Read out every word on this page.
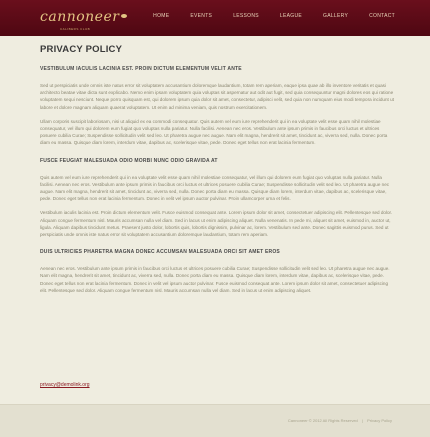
cannoneer
CALIBERS CLUB
HOME	EVENTS	LESSONS	LEAGUE	GALLERY	CONTACT
PRIVACY POLICY
VESTIBULUM IACULIS LACINIA EST. PROIN DICTUM ELEMENTUM VELIT ANTE

Sed ut perspiciatis unde omnis iste natus error sit voluptatem accusantium doloremque laudantium, totam rem aperiam, eaque ipsa quae ab illo inventore veritatis et quasi architecto beatae vitae dicta sunt explicabo. Nemo enim ipsam voluptatem quia voluptas sit aspernatur aut odit aut fugit, sed quia consequuntur magni dolores eos qui ratione voluptatem sequi nesciunt. Neque porro quisquam est, qui dolorem ipsum quia dolor sit amet, consectetur, adipisci velit, sed quia non numquam eius modi tempora incidunt ut labore et dolore magnam aliquam quaerat voluptatem. Ut enim ad minima veniam, quis nostrum exercitationem.

Ullam corporis suscipit laboriosam, nisi ut aliquid ex ea commodi consequatur. Quis autem vel eum iure reprehenderit qui in ea voluptate velit esse quam nihil molestiae consequatur, vel illum qui dolorem eum fugiat quo voluptas nulla pariatur. Nulla facilisi. Aenean nec eros. Vestibulum ante ipsum primis in faucibus orci luctus et ultrices posuere cubilia Curae; Suspendisse sollicitudin velit sed leo. Ut pharetra augue nec augue. Nam elit magna, hendrerit sit amet, tincidunt ac, viverra sed, nulla. Donec porta diam eu massa. Quisque diam lorem, interdum vitae, dapibus ac, scelerisque vitae, pede. Donec eget tellus non erat lacinia fermentum.

FUSCE FEUGIAT MALESUADA ODIO MORBI NUNC ODIO GRAVIDA AT

Quis autem vel eum iure reprehenderit qui in ea voluptate velit esse quam nihil molestiae consequatur, vel illum qui dolorem eum fugiat quo voluptas nulla pariatur. Nulla facilisi. Aenean nec eros. Vestibulum ante ipsum primis in faucibus orci luctus et ultrices posuere cubilia Curae; Suspendisse sollicitudin velit sed leo. Ut pharetra augue nec augue. Nam elit magna, hendrerit sit amet, tincidunt ac, viverra sed, nulla. Donec porta diam eu massa. Quisque diam lorem, interdum vitae, dapibus ac, scelerisque vitae, pede. Donec eget tellus non erat lacinia fermentum. Donec in velit vel ipsum auctor pulvinar. Proin ullamcorper urna et felis.

Vestibulum iaculis lacinia est. Proin dictum elementum velit. Fusce euismod consequat ante. Lorem ipsum dolor sit amet, consectetuer adipiscing elit. Pellentesque sed dolor. Aliquam congue fermentum nisl. Mauris accumsan nulla vel diam. Sed in lacus ut enim adipiscing aliquet. Nulla venenatis. In pede mi, aliquet sit amet, euismod in, auctor ut, ligula. Aliquam dapibus tincidunt metus. Praesent justo dolor, lobortis quis, lobortis dignissim, pulvinar ac, lorem. Vestibulum sed ante. Donec sagittis euismod purus. Sed ut perspiciatis unde omnis iste natus error sit voluptatem accusantium doloremque laudantium, totam rem aperiam.

DUIS ULTRICIES PHARETRA MAGNA DONEC ACCUMSAN MALESUADA ORCI SIT AMET EROS

Aenean nec eros. Vestibulum ante ipsum primis in faucibus orci luctus et ultrices posuere cubilia Curae; Suspendisse sollicitudin velit sed leo. Ut pharetra augue nec augue. Nam elit magna, hendrerit sit amet, tincidunt ac, viverra sed, nulla. Donec porta diam eu massa. Quisque diam lorem, interdum vitae, dapibus ac, scelerisque vitae, pede. Donec eget tellus non erat lacinia fermentum. Donec in velit vel ipsum auctor pulvinar. Fusce euismod consequat ante. Lorem ipsum dolor sit amet, consectetuer adipiscing elit. Pellentesque sed dolor. Aliquam congue fermentum nisl. Mauris accumsan nulla vel diam. Sed in lacus ut enim adipiscing aliquet.

privacy@demolink.org
Cannoneer © 2012 All Rights Reserved | Privacy Policy
